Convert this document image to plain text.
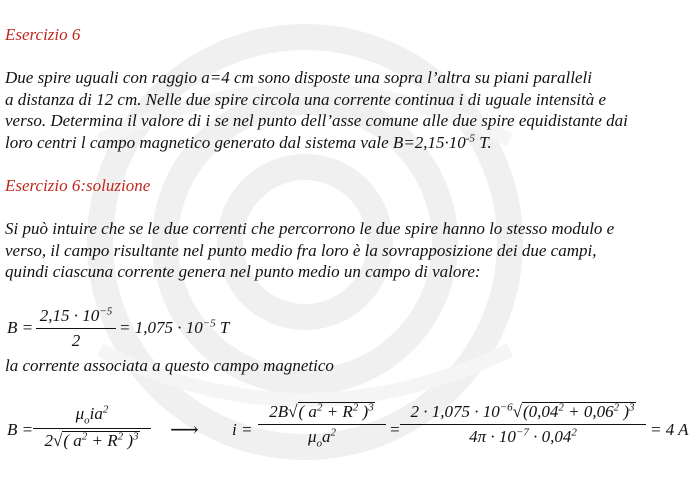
Esercizio 6
Due spire uguali con raggio a=4 cm sono disposte una sopra l’altra su piani paralleli
a distanza di 12 cm. Nelle due spire circola una corrente continua i di uguale intensità e
verso. Determina il valore di i se nel punto dell’asse comune alle due spire equidistante dai
loro centri l campo magnetico generato dal sistema vale $B=2,15\cdot 10^{-5}$ T.
Esercizio 6:soluzione
Si può intuire che se le due correnti che percorrono le due spire hanno lo stesso modulo e
verso, il campo risultante nel punto medio fra loro è la sovrapposizione dei due campi,
quindi ciascuna corrente genera nel punto medio un campo di valore:
B =
$2,15 \cdot 10^{-5}$
2
= $1,075 \cdot 10^{-5}$ T
la corrente associata a questo campo magnetico
B =
$\mu_oia^2$
2√( $a^2 + R^2$ )$^3$	⟶ i =
2B√( $a^2 + R^2$ )$^3$
$\mu_oa^2$	=
$2 \cdot 1,075 \cdot 10^{-6}√(0,04^2 + 0,06^2$ )$^3$
$4\pi \cdot 10^{-7} \cdot 0,04^2$	= 4 A
